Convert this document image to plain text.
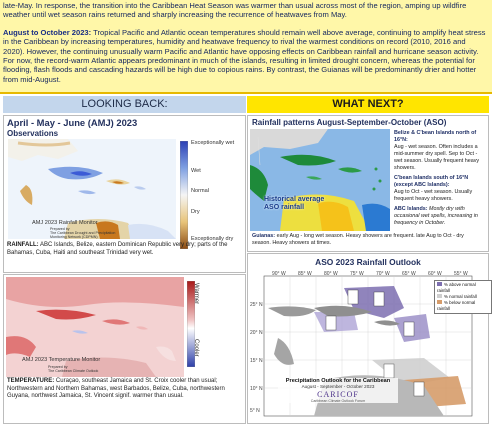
late-May. In response, the transition into the Caribbean Heat Season was warmer than usual across most of the region, amping up wildfire weather until wet season rains returned and sharply increasing the recurrence of heatwaves from May.

August to October 2023: Tropical Pacific and Atlantic ocean temperatures should remain well above average, continuing to amplify heat stress in the Caribbean by increasing temperatures, humidity and heatwave frequency to rival the warmest conditions on record (2010, 2016 and 2020). However, the continuing unusually warm Pacific and Atlantic have opposing effects on Caribbean rainfall and hurricane season activity. For now, the record-warm Atlantic appears predominant in much of the islands, resulting in limited drought concern, whereas the potential for flooding, flash floods and cascading hazards will be high due to copious rains. By contrast, the Guianas will be predominantly drier and hotter from mid-August.

LOOKING BACK:
April - May - June (AMJ) 2023
Observations
Exceptionally wet
Wet
Normal
Dry
Exceptionally dry
AMJ 2023 Rainfall Monitor
Prepared by
The Caribbean Drought and Precipitation
Monitoring Network (CDPMN)
RAINFALL: ABC Islands, Belize, eastern Dominican Republic very dry; parts of the Bahamas, Cuba, Haiti and southeast Trinidad very wet.
Warmer
Cooler
AMJ 2023 Temperature Monitor
Prepared by
The Caribbean Climate Outlook
TEMPERATURE: Curaçao, southeast Jamaica and St. Croix cooler than usual; Northwestern and Northern Bahamas, west Barbados, Belize, Cuba, northwestern Guyana, northwest Jamaica, St. Vincent signif. warmer than usual.
WHAT NEXT?
Rainfall patterns August-September-October (ASO)
Historical average
ASO rainfall
Belize & C'bean Islands north of 16°N:
Aug - wet season. Often includes a mid-summer dry spell. Sep to Oct - wet season. Usually frequent heavy showers.
C'bean Islands south of 16°N (except ABC Islands):
Aug to Oct - wet season. Usually frequent heavy showers.
ABC Islands: Mostly dry with occasional wet spells, increasing in frequency in October.
Guianas: early Aug - long wet season. Heavy showers are frequent. late Aug to Oct - dry season. Heavy showers at times.
ASO 2023 Rainfall Outlook
90° W 85° W 80° W 75° W 70° W 65° W 60° W 55° W
25° N
20° N
15° N
10° N
5° N
% above normal rainfall
% normal rainfall
% below normal rainfall
Precipitation Outlook for the Caribbean
August - September - October 2023
CARICOF
Caribbean Climate Outlook Forum
